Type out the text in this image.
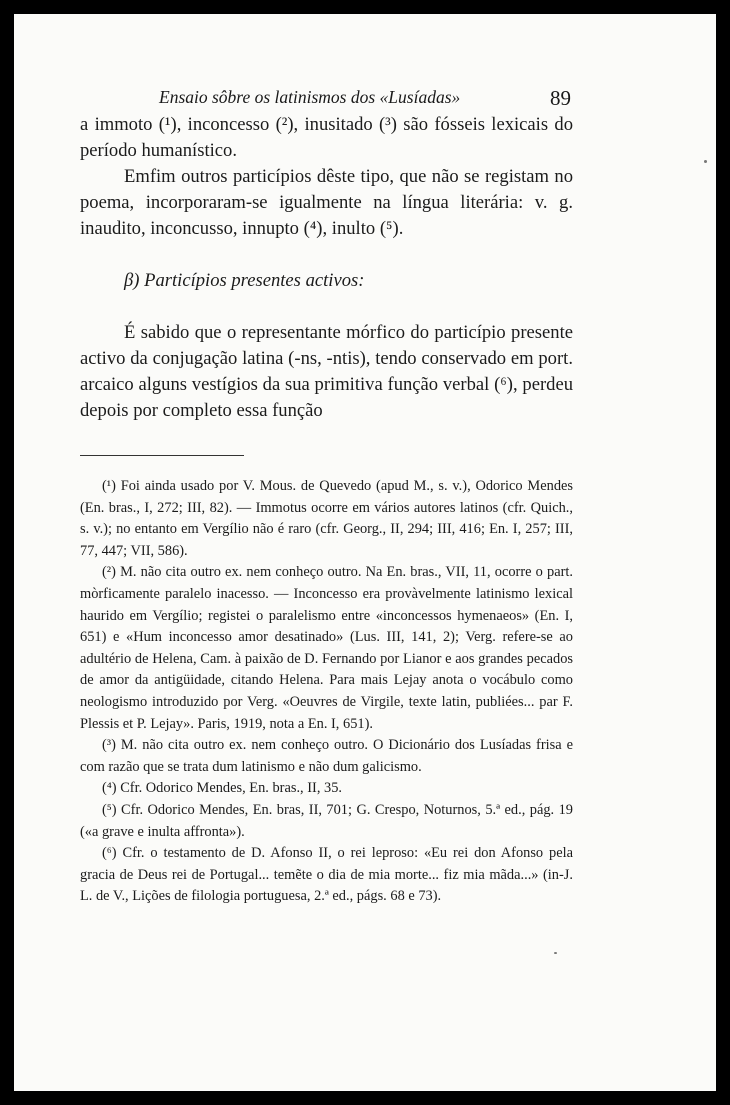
Ensaio sôbre os latinismos dos «Lusíadas»	89

a immoto (¹), inconcesso (²), inusitado (³) são fósseis lexicais do período humanístico.

Emfim outros particípios dêste tipo, que não se registam no poema, incorporaram-se igualmente na língua literária: v. g. inaudito, inconcusso, innupto (⁴), inulto (⁵).

β) Particípios presentes activos:

É sabido que o representante mórfico do particípio presente activo da conjugação latina (-ns, -ntis), tendo conservado em port. arcaico alguns vestígios da sua primitiva função verbal (⁶), perdeu depois por completo essa função

(¹) Foi ainda usado por V. Mous. de Quevedo (apud M., s. v.), Odorico Mendes (En. bras., I, 272; III, 82). — Immotus ocorre em vários autores latinos (cfr. Quich., s. v.); no entanto em Vergílio não é raro (cfr. Georg., II, 294; III, 416; En. I, 257; III, 77, 447; VII, 586).

(²) M. não cita outro ex. nem conheço outro. Na En. bras., VII, 11, ocorre o part. mòrficamente paralelo inacesso. — Inconcesso era provàvelmente latinismo lexical haurido em Vergílio; registei o paralelismo entre «inconcessos hymenaeos» (En. I, 651) e «Hum inconcesso amor desatinado» (Lus. III, 141, 2); Verg. refere-se ao adultério de Helena, Cam. à paixão de D. Fernando por Lianor e aos grandes pecados de amor da antigüidade, citando Helena. Para mais Lejay anota o vocábulo como neologismo introduzido por Verg. «Oeuvres de Virgile, texte latin, publiées... par F. Plessis et P. Lejay». Paris, 1919, nota a En. I, 651).

(³) M. não cita outro ex. nem conheço outro. O Dicionário dos Lusíadas frisa e com razão que se trata dum latinismo e não dum galicismo.

(⁴) Cfr. Odorico Mendes, En. bras., II, 35.

(⁵) Cfr. Odorico Mendes, En. bras, II, 701; G. Crespo, Noturnos, 5.ª ed., pág. 19 («a grave e inulta affronta»).

(⁶) Cfr. o testamento de D. Afonso II, o rei leproso: «Eu rei don Afonso pela gracia de Deus rei de Portugal... temẽte o dia de mia morte... fiz mia mãda...» (in-J. L. de V., Lições de filologia portuguesa, 2.ª ed., págs. 68 e 73).
